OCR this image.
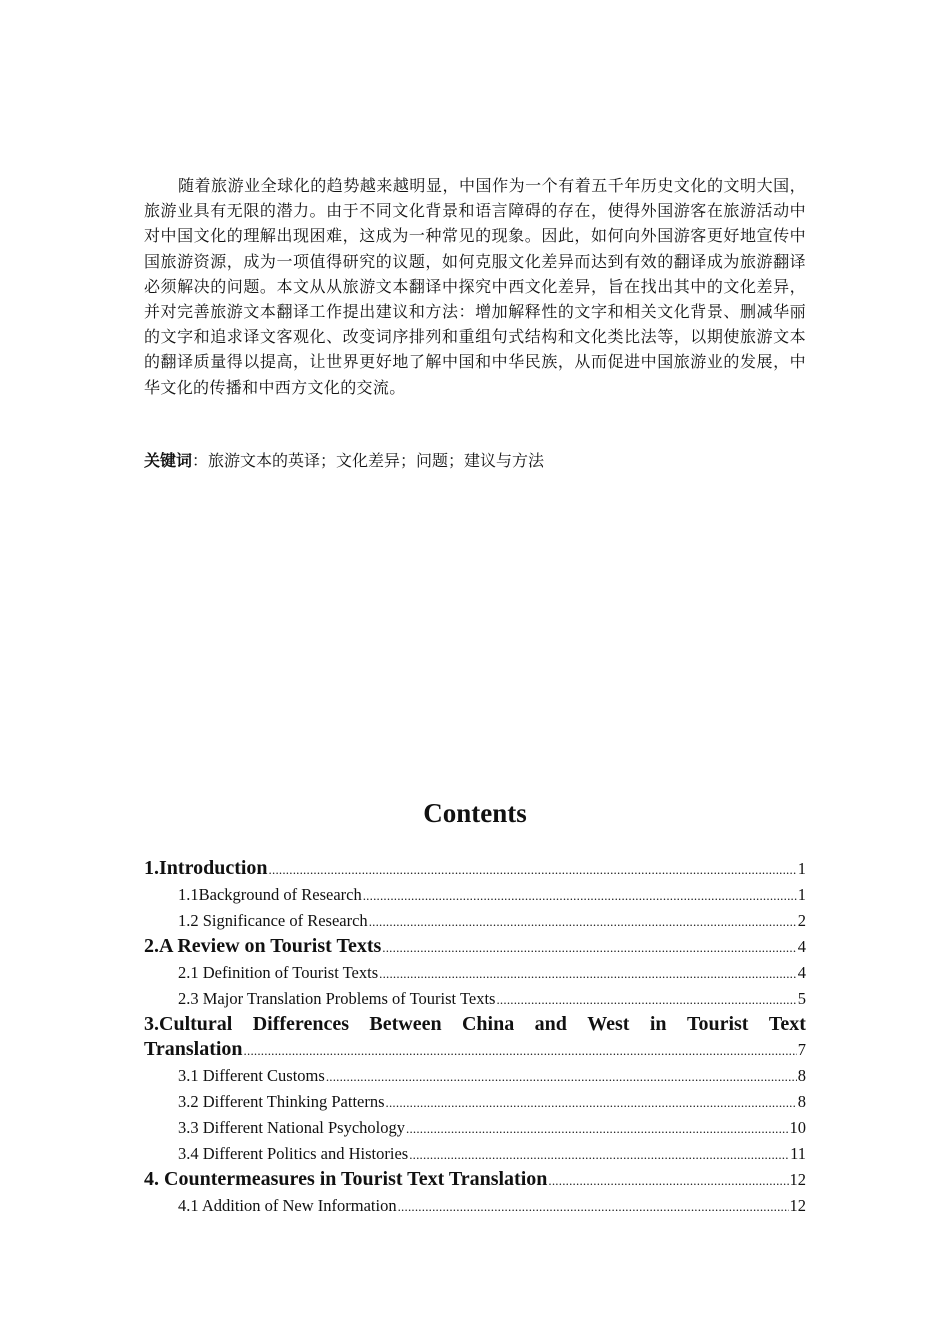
随着旅游业全球化的趋势越来越明显，中国作为一个有着五千年历史文化的文明大国，旅游业具有无限的潜力。由于不同文化背景和语言障碍的存在，使得外国游客在旅游活动中对中国文化的理解出现困难，这成为一种常见的现象。因此，如何向外国游客更好地宣传中国旅游资源，成为一项值得研究的议题，如何克服文化差异而达到有效的翻译成为旅游翻译必须解决的问题。本文从从旅游文本翻译中探究中西文化差异，旨在找出其中的文化差异，并对完善旅游文本翻译工作提出建议和方法：增加解释性的文字和相关文化背景、删减华丽的文字和追求译文客观化、改变词序排列和重组句式结构和文化类比法等，以期使旅游文本的翻译质量得以提高，让世界更好地了解中国和中华民族，从而促进中国旅游业的发展，中华文化的传播和中西方文化的交流。

关键词：旅游文本的英译；文化差异；问题；建议与方法

Contents
1.Introduction .....	1
1.1Background of Research .....	1
1.2 Significance of Research .....	2
2.A Review on Tourist Texts .....	4
2.1 Definition of Tourist Texts .....	4
2.3 Major Translation Problems of Tourist Texts .....	5
3.Cultural Differences Between China and West in Tourist Text
Translation .....	7
3.1 Different Customs .....	8
3.2 Different Thinking Patterns .....	8
3.3 Different National Psychology .....	10
3.4 Different Politics and Histories .....	11
4. Countermeasures in Tourist Text Translation .....	12
4.1 Addition of New Information .....	12
